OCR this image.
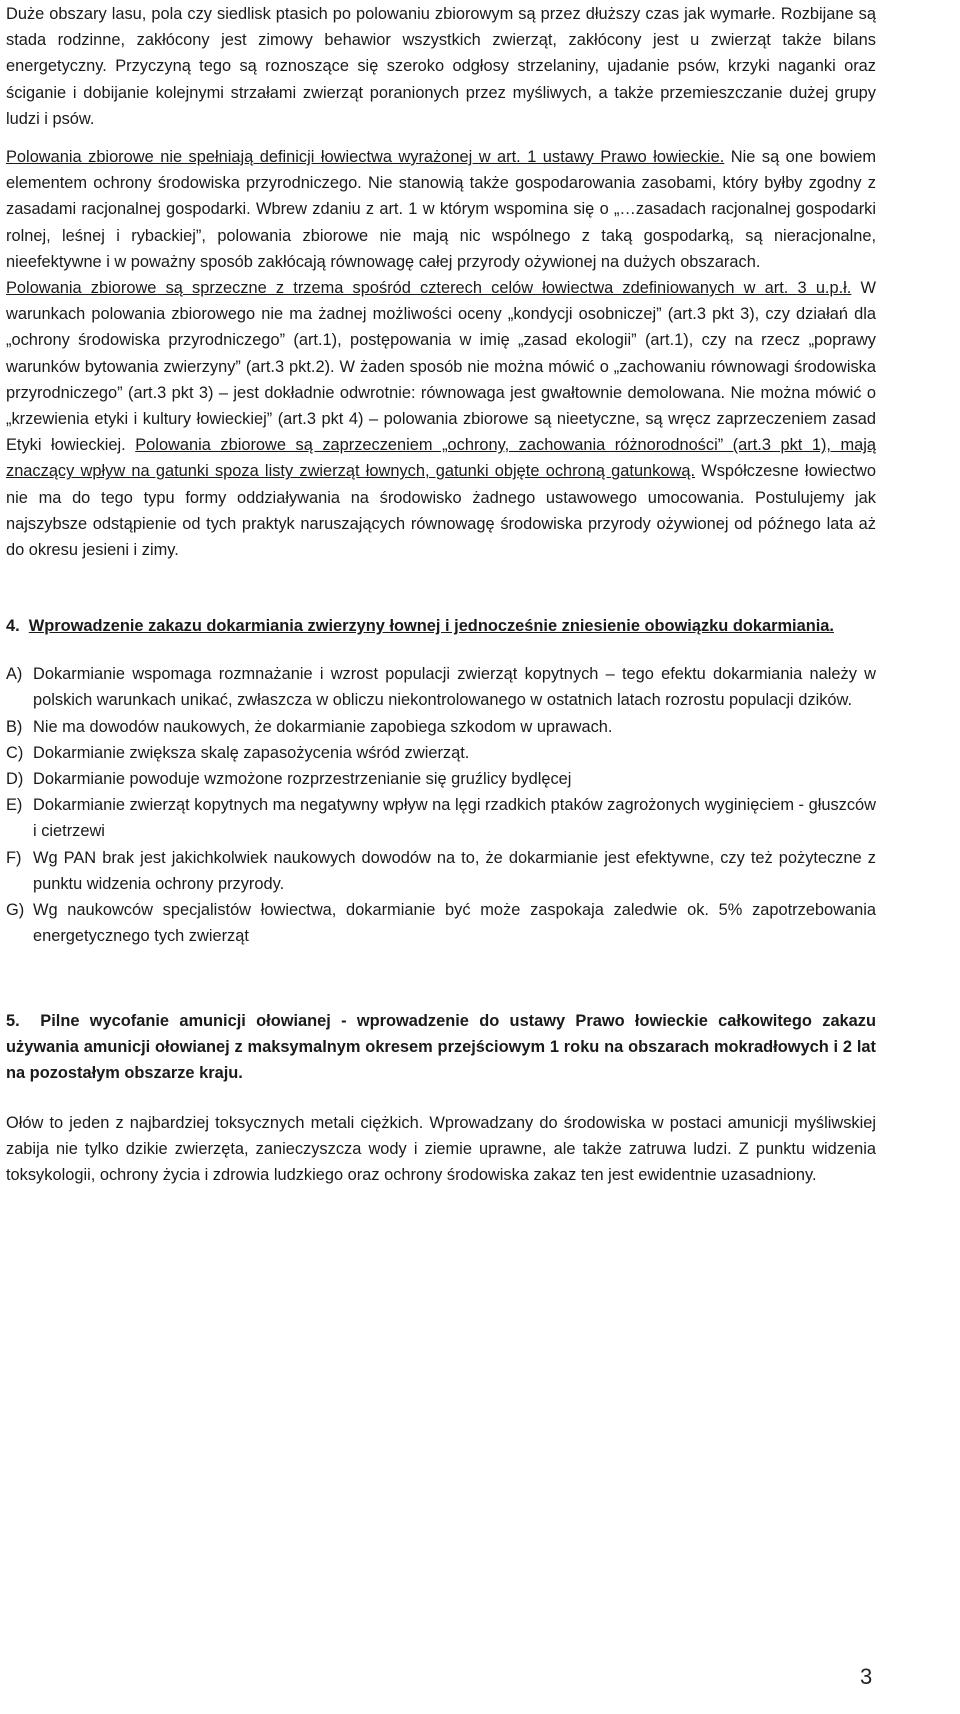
Duże obszary lasu, pola czy siedlisk ptasich po polowaniu zbiorowym są przez dłuższy czas jak wymarłe. Rozbijane są stada rodzinne, zakłócony jest zimowy behawior wszystkich zwierząt, zakłócony jest u zwierząt także bilans energetyczny. Przyczyną tego są roznoszące się szeroko odgłosy strzelaniny, ujadanie psów, krzyki naganki oraz ściganie i dobijanie kolejnymi strzałami zwierząt poranionych przez myśliwych, a także przemieszczanie dużej grupy ludzi i psów.

Polowania zbiorowe nie spełniają definicji łowiectwa wyrażonej w art. 1 ustawy Prawo łowieckie. Nie są one bowiem elementem ochrony środowiska przyrodniczego. Nie stanowią także gospodarowania zasobami, który byłby zgodny z zasadami racjonalnej gospodarki. Wbrew zdaniu z art. 1 w którym wspomina się o „…zasadach racjonalnej gospodarki rolnej, leśnej i rybackiej”, polowania zbiorowe nie mają nic wspólnego z taką gospodarką, są nieracjonalne, nieefektywne i w poważny sposób zakłócają równowagę całej przyrody ożywionej na dużych obszarach.
Polowania zbiorowe są sprzeczne z trzema spośród czterech celów łowiectwa zdefiniowanych w art. 3 u.p.ł. W warunkach polowania zbiorowego nie ma żadnej możliwości oceny „kondycji osobniczej” (art.3 pkt 3), czy działań dla „ochrony środowiska przyrodniczego” (art.1), postępowania w imię „zasad ekologii” (art.1), czy na rzecz „poprawy warunków bytowania zwierzyny” (art.3 pkt.2). W żaden sposób nie można mówić o „zachowaniu równowagi środowiska przyrodniczego” (art.3 pkt 3) – jest dokładnie odwrotnie: równowaga jest gwałtownie demolowana. Nie można mówić o „krzewienia etyki i kultury łowieckiej” (art.3 pkt 4) – polowania zbiorowe są nieetyczne, są wręcz zaprzeczeniem zasad Etyki łowieckiej. Polowania zbiorowe są zaprzeczeniem „ochrony, zachowania różnorodności” (art.3 pkt 1), mają znaczący wpływ na gatunki spoza listy zwierząt łownych, gatunki objęte ochroną gatunkową. Współczesne łowiectwo nie ma do tego typu formy oddziaływania na środowisko żadnego ustawowego umocowania. Postulujemy jak najszybsze odstąpienie od tych praktyk naruszających równowagę środowiska przyrody ożywionej od późnego lata aż do okresu jesieni i zimy.

4. Wprowadzenie zakazu dokarmiania zwierzyny łownej i jednocześnie zniesienie obowiązku dokarmiania.

A) Dokarmianie wspomaga rozmnażanie i wzrost populacji zwierząt kopytnych – tego efektu dokarmiania należy w polskich warunkach unikać, zwłaszcza w obliczu niekontrolowanego w ostatnich latach rozrostu populacji dzików.
B) Nie ma dowodów naukowych, że dokarmianie zapobiega szkodom w uprawach.
C) Dokarmianie zwiększa skalę zapasożycenia wśród zwierząt.
D) Dokarmianie powoduje wzmożone rozprzestrzenianie się gruźlicy bydlęcej
E) Dokarmianie zwierząt kopytnych ma negatywny wpływ na lęgi rzadkich ptaków zagrożonych wyginięciem - głuszców i cietrzewi
F) Wg PAN brak jest jakichkolwiek naukowych dowodów na to, że dokarmianie jest efektywne, czy też pożyteczne z punktu widzenia ochrony przyrody.
G) Wg naukowców specjalistów łowiectwa, dokarmianie być może zaspokaja zaledwie ok. 5% zapotrzebowania energetycznego tych zwierząt

5. Pilne wycofanie amunicji ołowianej - wprowadzenie do ustawy Prawo łowieckie całkowitego zakazu używania amunicji ołowianej z maksymalnym okresem przejściowym 1 roku na obszarach mokradłowych i 2 lat na pozostałym obszarze kraju.

Ołów to jeden z najbardziej toksycznych metali ciężkich. Wprowadzany do środowiska w postaci amunicji myśliwskiej zabija nie tylko dzikie zwierzęta, zanieczyszcza wody i ziemie uprawne, ale także zatruwa ludzi. Z punktu widzenia toksykologii, ochrony życia i zdrowia ludzkiego oraz ochrony środowiska zakaz ten jest ewidentnie uzasadniony.

3
